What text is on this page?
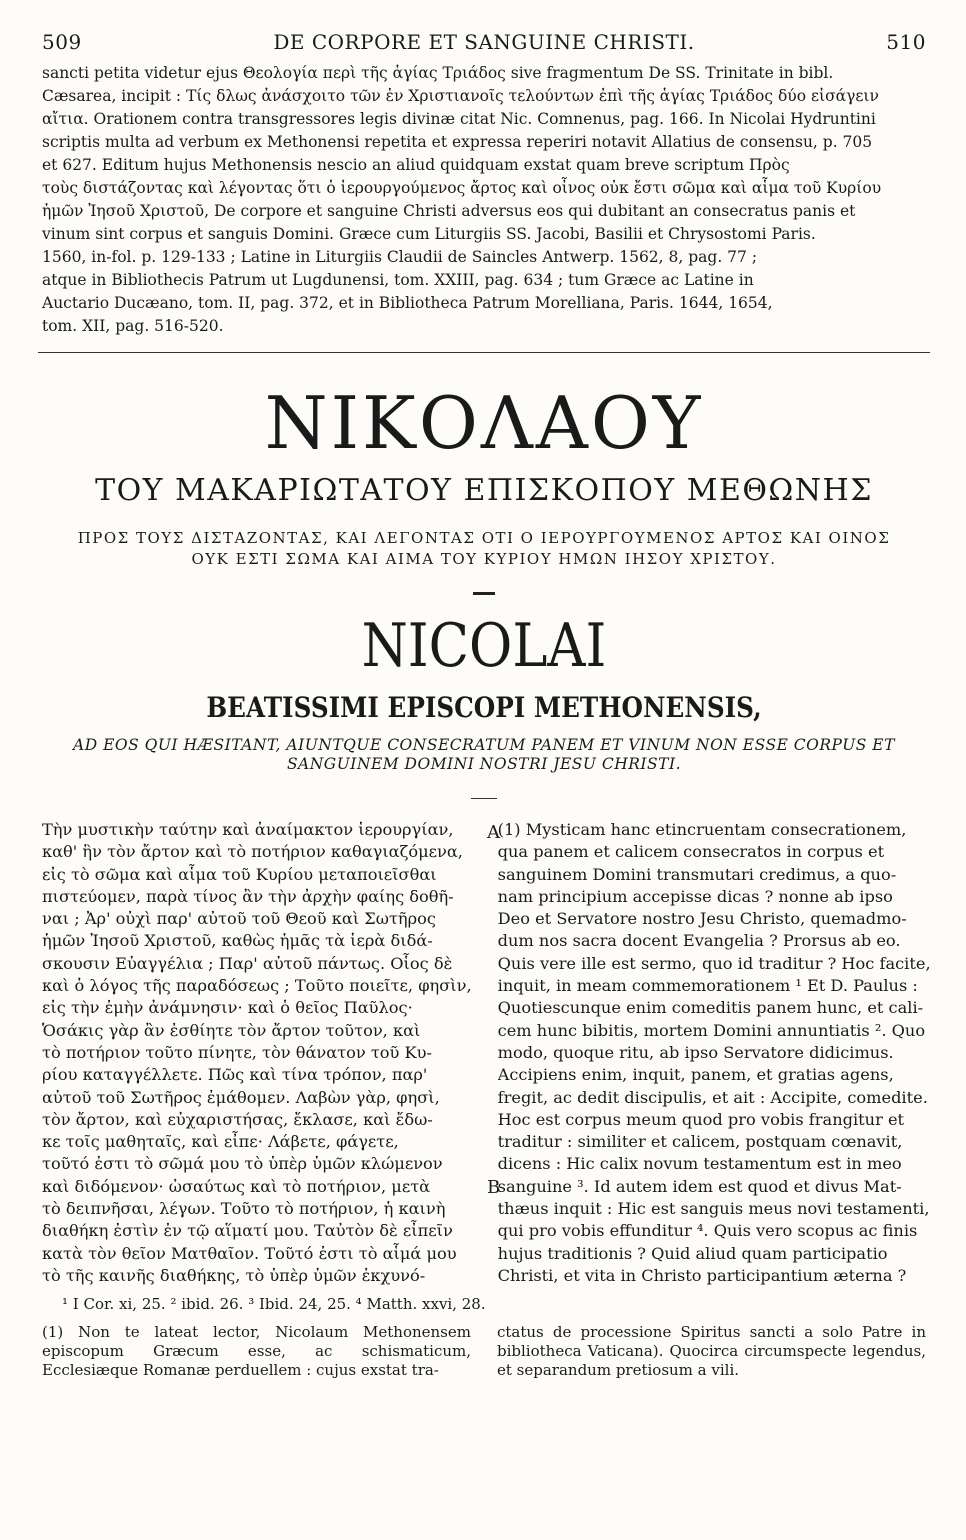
509	DE CORPORE ET SANGUINE CHRISTI.	510
sancti petita videtur ejus Θεολογία περὶ τῆς ἁγίας Τριάδος sive fragmentum De SS. Trinitate in bibl.
Cæsarea, incipit : Τίς δλως ἀνάσχοιτο τῶν ἐν Χριστιανοῖς τελούντων ἐπὶ τῆς ἁγίας Τριάδος δύο εἰσάγειν
αἴτια. Orationem contra transgressores legis divinæ citat Nic. Comnenus, pag. 166. In Nicolai Hydruntini
scriptis multa ad verbum ex Methonensi repetita et expressa reperiri notavit Allatius de consensu, p. 705
et 627. Editum hujus Methonensis nescio an aliud quidquam exstat quam breve scriptum Πρὸς
τοὺς διστάζοντας καὶ λέγοντας ὅτι ὁ ἱερουργούμενος ἄρτος καὶ οἶνος οὐκ ἔστι σῶμα καὶ αἷμα τοῦ Κυρίου
ἡμῶν Ἰησοῦ Χριστοῦ, De corpore et sanguine Christi adversus eos qui dubitant an consecratus panis et
vinum sint corpus et sanguis Domini. Græce cum Liturgiis SS. Jacobi, Basilii et Chrysostomi Paris.
1560, in-fol. p. 129-133 ; Latine in Liturgiis Claudii de Saincles Antwerp. 1562, 8, pag. 77 ;
atque in Bibliothecis Patrum ut Lugdunensi, tom. XXIII, pag. 634 ; tum Græce ac Latine in
Auctario Ducæano, tom. II, pag. 372, et in Bibliotheca Patrum Morelliana, Paris. 1644, 1654,
tom. XII, pag. 516-520.
ΝΙΚΟΛΑΟΥ
ΤΟΥ ΜΑΚΑΡΙΩΤΑΤΟΥ ΕΠΙΣΚΟΠΟΥ ΜΕΘΩΝΗΣ
ΠΡΟΣ ΤΟΥΣ ΔΙΣΤΑΖΟΝΤΑΣ, ΚΑΙ ΛΕΓΟΝΤΑΣ ΟΤΙ Ο ΙΕΡΟΥΡΓΟΥΜΕΝΟΣ ΑΡΤΟΣ ΚΑΙ ΟΙΝΟΣ
ΟΥΚ ΕΣΤΙ ΣΩΜΑ ΚΑΙ ΑΙΜΑ ΤΟΥ ΚΥΡΙΟΥ ΗΜΩΝ ΙΗΣΟΥ ΧΡΙΣΤΟΥ.
NICOLAI
BEATISSIMI EPISCOPI METHONENSIS,
AD EOS QUI HÆSITANT, AIUNTQUE CONSECRATUM PANEM ET VINUM NON ESSE CORPUS ET
SANGUINEM DOMINI NOSTRI JESU CHRISTI.
Τὴν μυστικὴν ταύτην καὶ ἀναίμακτον ἱερουργίαν,
καθ' ἣν τὸν ἄρτον καὶ τὸ ποτήριον καθαγιαζόμενα,
εἰς τὸ σῶμα καὶ αἷμα τοῦ Κυρίου μεταποιεῖσθαι
πιστεύομεν, παρὰ τίνος ἂν τὴν ἀρχὴν φαίης δοθῆ-
ναι ; Ἀρ' οὐχὶ παρ' αὐτοῦ τοῦ Θεοῦ καὶ Σωτῆρος
ἡμῶν Ἰησοῦ Χριστοῦ, καθὼς ἡμᾶς τὰ ἱερὰ διδά-
σκουσιν Εὐαγγέλια ; Παρ' αὐτοῦ πάντως. Οἷος δὲ
καὶ ὁ λόγος τῆς παραδόσεως ; Τοῦτο ποιεῖτε, φησὶν,
εἰς τὴν ἐμὴν ἀνάμνησιν· καὶ ὁ θεῖος Παῦλος·
Ὁσάκις γὰρ ἂν ἐσθίητε τὸν ἄρτον τοῦτον, καὶ
τὸ ποτήριον τοῦτο πίνητε, τὸν θάνατον τοῦ Κυ-
ρίου καταγγέλλετε. Πῶς καὶ τίνα τρόπον, παρ'
αὐτοῦ τοῦ Σωτῆρος ἐμάθομεν. Λαβὼν γὰρ, φησὶ,
τὸν ἄρτον, καὶ εὐχαριστήσας, ἔκλασε, καὶ ἔδω-
κε τοῖς μαθηταῖς, καὶ εἶπε· Λάβετε, φάγετε,
τοῦτό ἐστι τὸ σῶμά μου τὸ ὑπὲρ ὑμῶν κλώμενον
καὶ διδόμενον· ὡσαύτως καὶ τὸ ποτήριον, μετὰ
τὸ δειπνῆσαι, λέγων. Τοῦτο τὸ ποτήριον, ἡ καινὴ
διαθήκη ἐστὶν ἐν τῷ αἵματί μου. Ταὐτὸν δὲ εἶπεῖν
κατὰ τὸν θεῖον Ματθαῖον. Τοῦτό ἐστι τὸ αἷμά μου
τὸ τῆς καινῆς διαθήκης, τὸ ὑπὲρ ὑμῶν ἐκχυνό-
A
B
(1) Mysticam hanc etincruentam consecrationem,
qua panem et calicem consecratos in corpus et
sanguinem Domini transmutari credimus, a quo-
nam principium accepisse dicas ? nonne ab ipso
Deo et Servatore nostro Jesu Christo, quemadmo-
dum nos sacra docent Evangelia ? Prorsus ab eo.
Quis vere ille est sermo, quo id traditur ? Hoc facite,
inquit, in meam commemorationem ¹ Et D. Paulus :
Quotiescunque enim comeditis panem hunc, et cali-
cem hunc bibitis, mortem Domini annuntiatis ². Quo
modo, quoque ritu, ab ipso Servatore didicimus.
Accipiens enim, inquit, panem, et gratias agens,
fregit, ac dedit discipulis, et ait : Accipite, comedite.
Hoc est corpus meum quod pro vobis frangitur et
traditur : similiter et calicem, postquam cœnavit,
dicens : Hic calix novum testamentum est in meo
sanguine ³. Id autem idem est quod et divus Mat-
thæus inquit : Hic est sanguis meus novi testamenti,
qui pro vobis effunditur ⁴. Quis vero scopus ac finis
hujus traditionis ? Quid aliud quam participatio
Christi, et vita in Christo participantium æterna ?
¹ I Cor. xi, 25. ² ibid. 26. ³ Ibid. 24, 25. ⁴ Matth. xxvi, 28.
(1) Non te lateat lector, Nicolaum Methonensem episcopum Græcum esse, ac schismaticum, Ecclesiæque Romanæ perduellem : cujus exstat tra-
ctatus de processione Spiritus sancti a solo Patre in bibliotheca Vaticana). Quocirca circumspecte legendus, et separandum pretiosum a vili.
